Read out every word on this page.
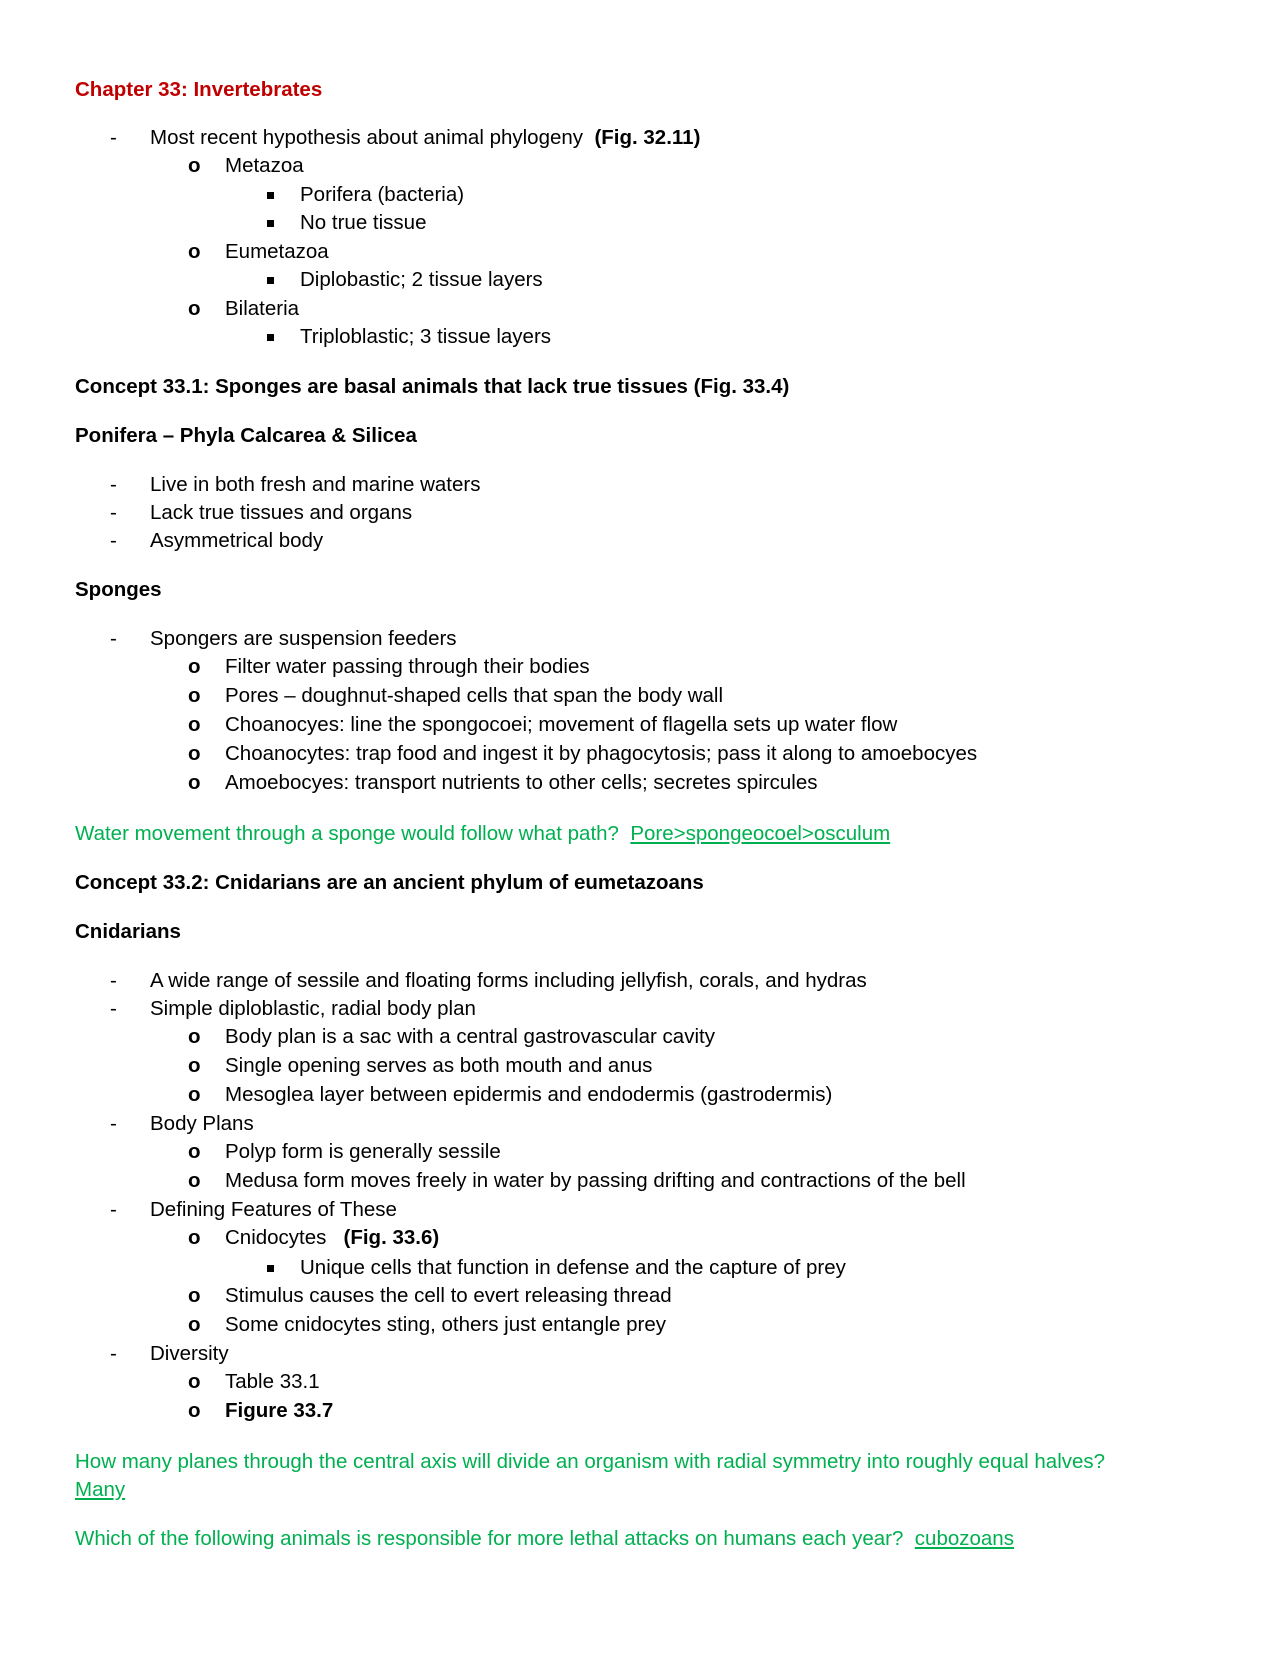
Chapter 33: Invertebrates
- Most recent hypothesis about animal phylogeny (Fig. 32.11)
o Metazoa
Porifera (bacteria)
No true tissue
o Eumetazoa
Diplobastic; 2 tissue layers
o Bilateria
Triploblastic; 3 tissue layers
Concept 33.1: Sponges are basal animals that lack true tissues (Fig. 33.4)
Ponifera – Phyla Calcarea & Silicea
- Live in both fresh and marine waters
- Lack true tissues and organs
- Asymmetrical body
Sponges
- Spongers are suspension feeders
o Filter water passing through their bodies
o Pores – doughnut-shaped cells that span the body wall
o Choanocyes: line the spongocoei; movement of flagella sets up water flow
o Choanocytes: trap food and ingest it by phagocytosis; pass it along to amoebocyes
o Amoebocyes: transport nutrients to other cells; secretes spircules
Water movement through a sponge would follow what path? Pore>spongeocoel>osculum
Concept 33.2: Cnidarians are an ancient phylum of eumetazoans
Cnidarians
- A wide range of sessile and floating forms including jellyfish, corals, and hydras
- Simple diploblastic, radial body plan
o Body plan is a sac with a central gastrovascular cavity
o Single opening serves as both mouth and anus
o Mesoglea layer between epidermis and endodermis (gastrodermis)
- Body Plans
o Polyp form is generally sessile
o Medusa form moves freely in water by passing drifting and contractions of the bell
- Defining Features of These
o Cnidocytes (Fig. 33.6)
Unique cells that function in defense and the capture of prey
o Stimulus causes the cell to evert releasing thread
o Some cnidocytes sting, others just entangle prey
- Diversity
o Table 33.1
o Figure 33.7
How many planes through the central axis will divide an organism with radial symmetry into roughly equal halves?
Many
Which of the following animals is responsible for more lethal attacks on humans each year? cubozoans
